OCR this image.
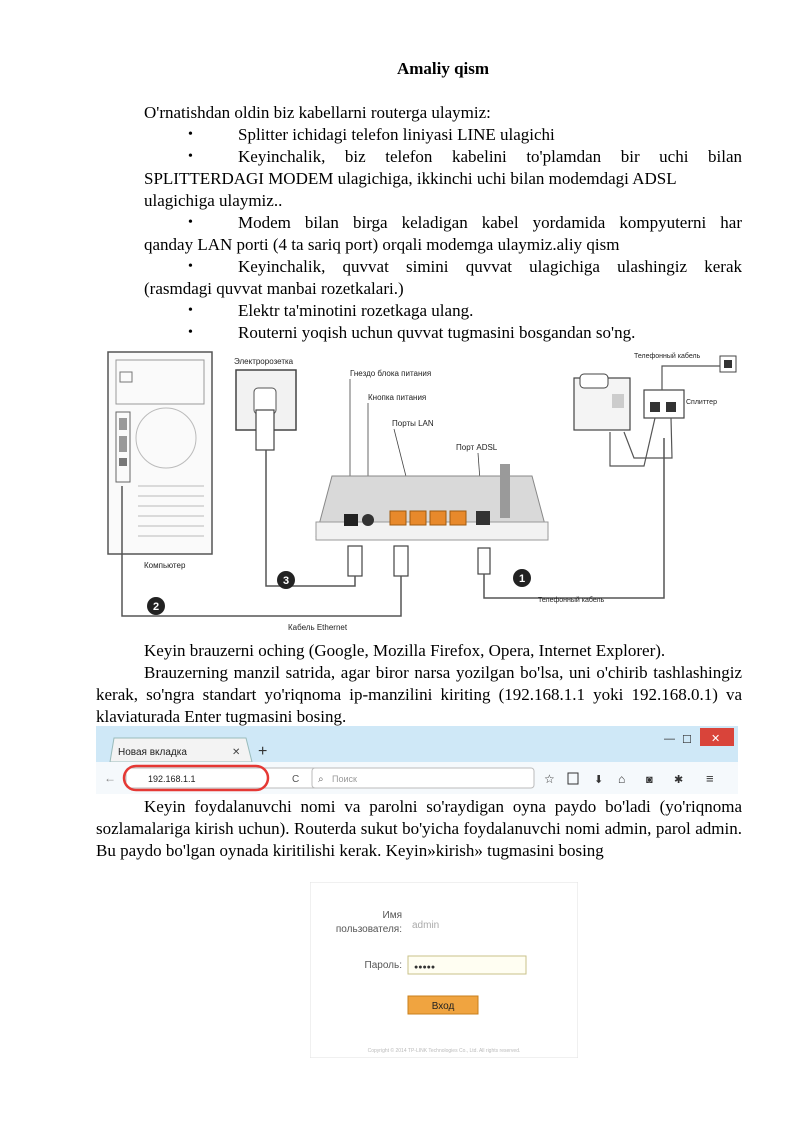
Amaliy qism
O'rnatishdan oldin biz kabellarni routerga ulaymiz:
•	Splitter ichidagi telefon liniyasi LINE ulagichi
•	Keyinchalik, biz telefon kabelini to'plamdan bir uchi bilan
SPLITTERDAGI MODEM ulagichiga, ikkinchi uchi bilan modemdagi ADSL ulagichiga ulaymiz..
•	Modem bilan birga keladigan kabel yordamida kompyuterni har
qanday LAN porti (4 ta sariq port) orqali modemga ulaymiz.aliy qism
•	Keyinchalik, quvvat simini quvvat ulagichiga ulashingiz kerak
(rasmdagi quvvat manbai rozetkalari.)
•	Elektr ta'minotini rozetkaga ulang.
•	Routerni yoqish uchun quvvat tugmasini bosgandan so'ng.
Компьютер
Электророзетка
Гнездо блока питания
Кнопка питания
Порты LAN
Порт ADSL
Телефонный кабель
Сплиттер
Кабель Ethernet
Телефонный кабель
1
2
3
Keyin brauzerni oching (Google, Mozilla Firefox, Opera, Internet Explorer).
Brauzerning manzil satrida, agar biror narsa yozilgan bo'lsa, uni o'chirib tashlashingiz kerak, so'ngra standart yo'riqnoma ip-manzilini kiriting (192.168.1.1 yoki 192.168.0.1) va klaviaturada Enter tugmasini bosing.
Новая вкладка	✕ +
— ☐ ✕
←	192.168.1.1	C ⌕ Поиск	☆	⬇ ⌂ ◙ ✱ ≡
Keyin foydalanuvchi nomi va parolni so'raydigan oyna paydo bo'ladi (yo'riqnoma sozlamalariga kirish uchun). Routerda sukut bo'yicha foydalanuvchi nomi admin, parol admin. Bu paydo bo'lgan oynada kiritilishi kerak. Keyin»kirish» tugmasini bosing
Имя
пользователя: admin
Пароль: ●●●●●
Вход
Copyright © 2014 TP-LINK Technologies Co., Ltd. All rights reserved.
